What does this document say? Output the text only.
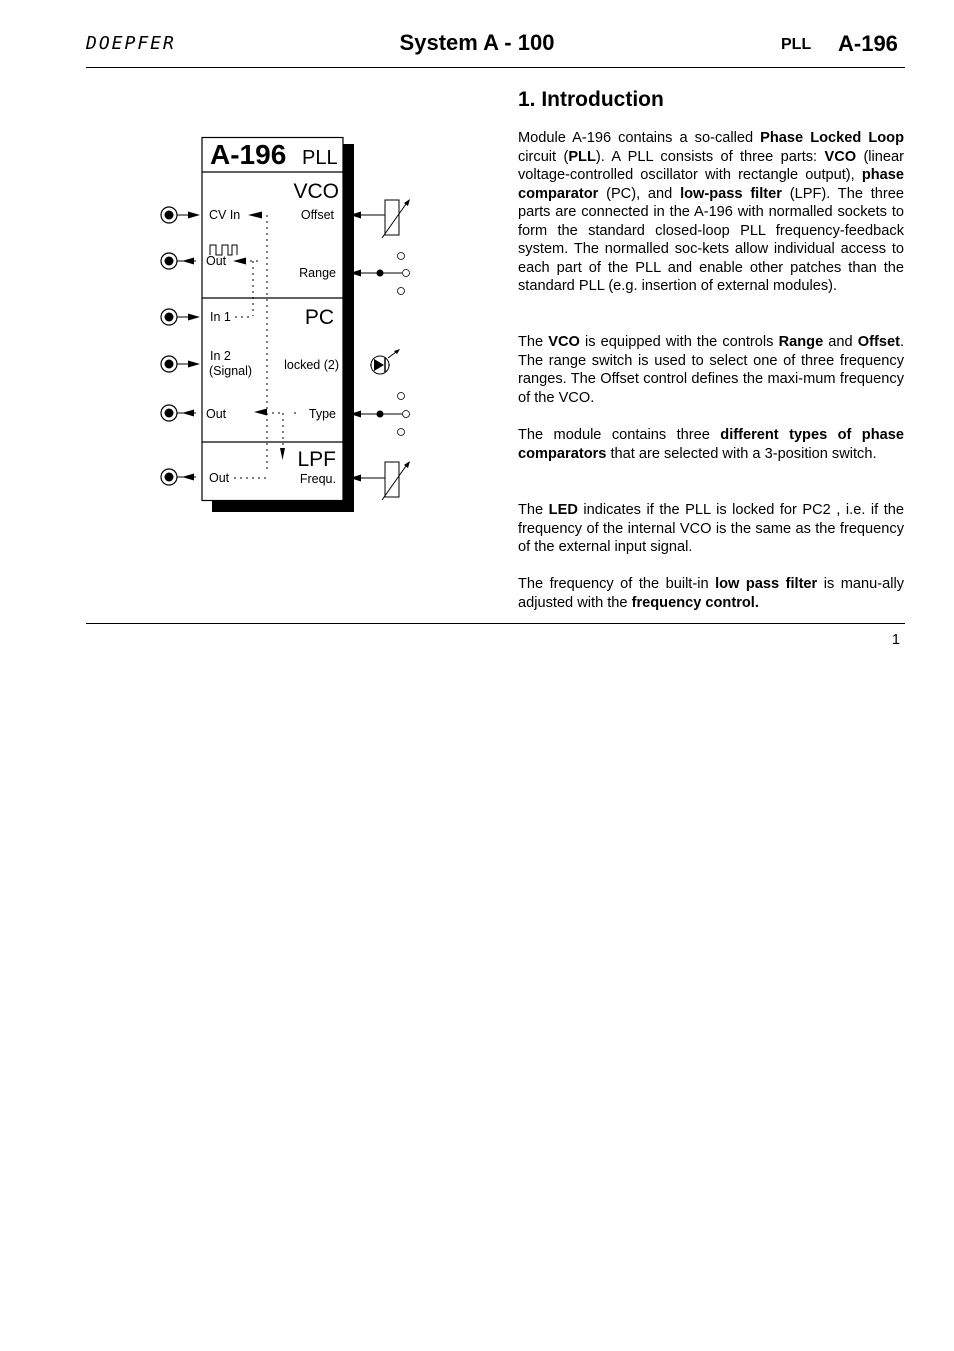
DOEPFER	System A - 100	PLL A-196
A-196 PLL
VCO
CV In	Offset
Out
Range
PC
In 1
In 2
(Signal)	locked (2)
Out	Type
LPF
Out	Frequ.
1. Introduction
Module A-196 contains a so-called Phase Locked Loop circuit (PLL). A PLL consists of three parts: VCO (linear voltage-controlled oscillator with rectangle output), phase comparator (PC), and low-pass filter (LPF). The three parts are connected in the A-196 with normalled sockets to form the standard closed-loop PLL frequency-feedback system. The normalled soc-kets allow individual access to each part of the PLL and enable other patches than the standard PLL (e.g. insertion of external modules).
The VCO is equipped with the controls Range and Offset. The range switch is used to select one of three frequency ranges. The Offset control defines the maxi-mum frequency of the VCO.
The module contains three different types of phase comparators that are selected with a 3-position switch.
The LED indicates if the PLL is locked for PC2 , i.e. if the frequency of the internal VCO is the same as the frequency of the external input signal.
The frequency of the built-in low pass filter is manu-ally adjusted with the frequency control.
1
